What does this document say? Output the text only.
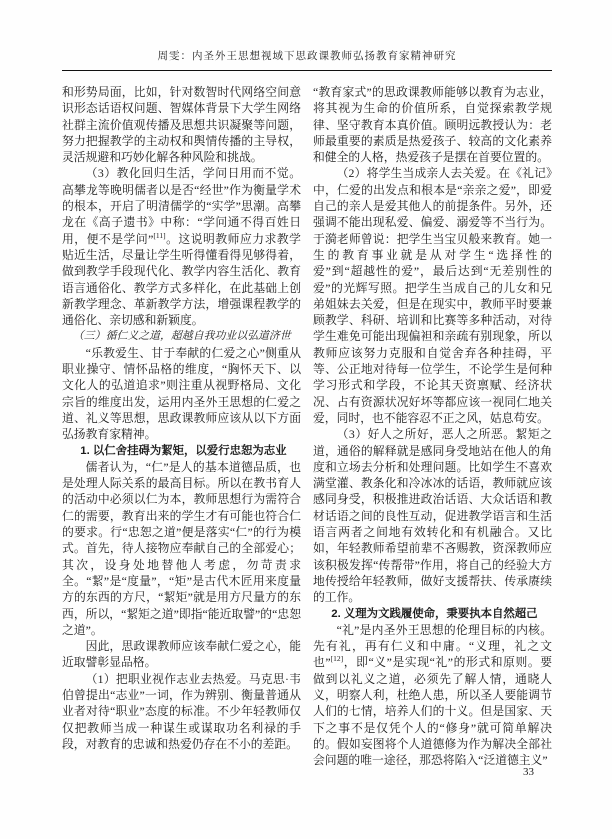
周雯：内圣外王思想视域下思政课教师弘扬教育家精神研究

和形势局面，比如，针对数智时代网络空间意识形态话语权问题、智媒体背景下大学生网络社群主流价值观传播及思想共识凝聚等问题，努力把握教学的主动权和舆情传播的主导权，灵活规避和巧妙化解各种风险和挑战。

（3）教化回归生活，学问日用而不觉。高攀龙等晚明儒者以是否“经世”作为衡量学术的根本，开启了明清儒学的“实学”思潮。高攀龙在《高子遗书》中称：“学问通不得百姓日用，便不是学问”[11]。这说明教师应力求教学贴近生活，尽量让学生听得懂看得见够得着，做到教学手段现代化、教学内容生活化、教育语言通俗化、教学方式多样化，在此基础上创新教学理念、革新教学方法，增强课程教学的通俗化、亲切感和新颖度。

（三）循仁义之道，超越自我功业以弘道济世

“乐教爱生、甘于奉献的仁爱之心”侧重从职业操守、情怀品格的维度，“胸怀天下、以文化人的弘道追求”则注重从视野格局、文化宗旨的维度出发，运用内圣外王思想的仁爱之道、礼义等思想，思政课教师应该从以下方面弘扬教育家精神。

1. 以仁舍挂碍为絜矩，以爱行忠恕为志业

儒者认为，“仁”是人的基本道德品质，也是处理人际关系的最高目标。所以在教书育人的活动中必须以仁为本，教师思想行为需符合仁的需要，教育出来的学生才有可能也符合仁的要求。行“忠恕之道”便是落实“仁”的行为模式。首先，待人接物应奉献自己的全部爱心；其次，设身处地替他人考虑，勿苛责求全。“絜”是“度量”，“矩”是古代木匠用来度量方的东西的方尺，“絜矩”就是用方尺量方的东西，所以，“絜矩之道”即指“能近取譬”的“忠恕之道”。

因此，思政课教师应该奉献仁爱之心，能近取譬彰显品格。

（1）把职业视作志业去热爱。马克思·韦伯曾提出“志业”一词，作为辨别、衡量普通从业者对待“职业”态度的标准。不少年轻教师仅仅把教师当成一种谋生或谋取功名利禄的手段，对教育的忠诚和热爱仍存在不小的差距。

“教育家式”的思政课教师能够以教育为志业，将其视为生命的价值所系，自觉探索教学规律、坚守教育本真价值。顾明远教授认为：老师最重要的素质是热爱孩子、较高的文化素养和健全的人格，热爱孩子是摆在首要位置的。

（2）将学生当成亲人去关爱。在《礼记》中，仁爱的出发点和根本是“亲亲之爱”，即爱自己的亲人是爱其他人的前提条件。另外，还强调不能出现私爱、偏爱、溺爱等不当行为。于漪老师曾说：把学生当宝贝般来教育。她一生的教育事业就是从对学生“选择性的爱”到“超越性的爱”，最后达到“无差别性的爱”的光辉写照。把学生当成自己的儿女和兄弟姐妹去关爱，但是在现实中，教师平时要兼顾教学、科研、培训和比赛等多种活动，对待学生难免可能出现偏袒和亲疏有别现象，所以教师应该努力克服和自觉舍弃各种挂碍，平等、公正地对待每一位学生，不论学生是何种学习形式和学段，不论其天资禀赋、经济状况、占有资源状况好坏等都应该一视同仁地关爱，同时，也不能容忍不正之风，姑息苟安。

（3）好人之所好，恶人之所恶。絜矩之道，通俗的解释就是感同身受地站在他人的角度和立场去分析和处理问题。比如学生不喜欢满堂灌、教条化和冷冰冰的话语，教师就应该感同身受，积极推进政治话语、大众话语和教材话语之间的良性互动，促进教学语言和生活语言两者之间地有效转化和有机融合。又比如，年轻教师希望前辈不吝赐教，资深教师应该积极发挥“传帮带”作用，将自己的经验大方地传授给年轻教师，做好支援帮扶、传承赓续的工作。

2. 义理为文践履使命，秉要执本自然超己

“礼”是内圣外王思想的伦理目标的内核。先有礼，再有仁义和中庸。“义理，礼之文也”[12]，即“义”是实现“礼”的形式和原则。要做到以礼义之道，必须先了解人情，通晓人义，明察人利，杜绝人患，所以圣人要能调节人们的七情，培养人们的十义。但是国家、天下之事不是仅凭个人的“修身”就可简单解决的。假如妄图将个人道德修为作为解决全部社会问题的唯一途径，那恐将陷入“泛道德主义”

33
